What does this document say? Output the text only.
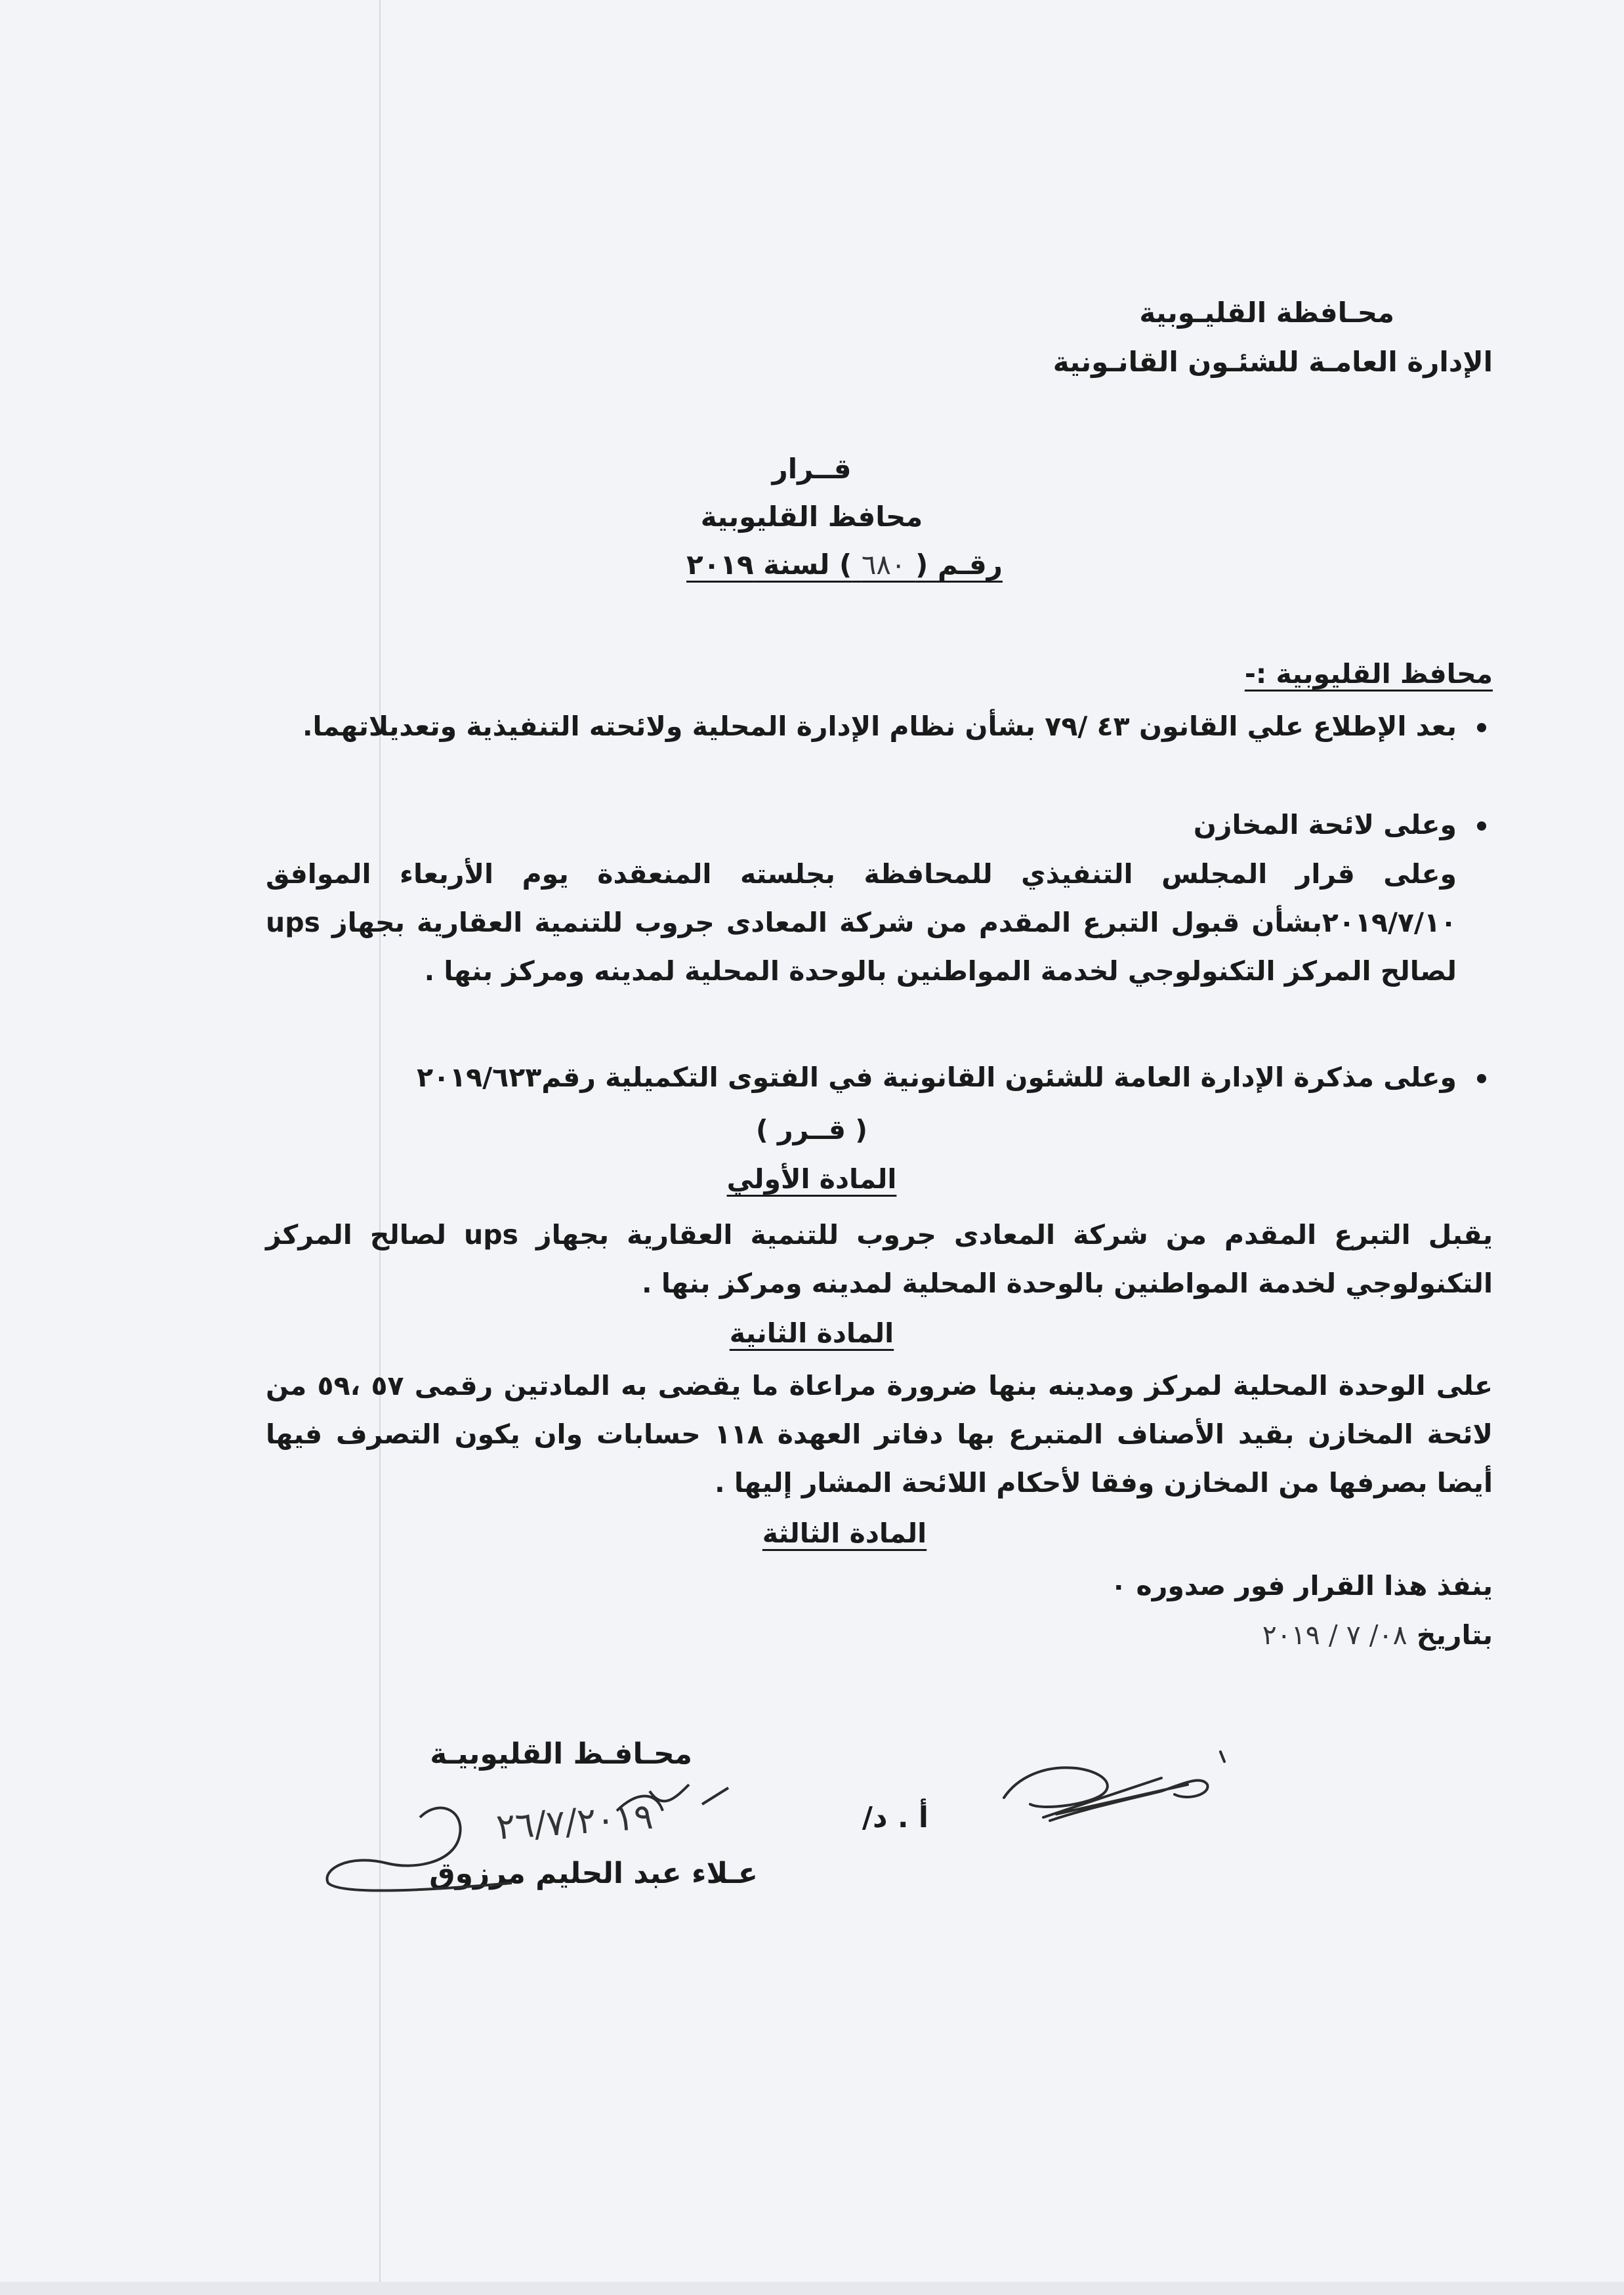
محـافظة القليـوبية
الإدارة العامـة للشئـون القانـونية
قــرار
محافظ القليوبية
رقـم ( ٦٨٠ ) لسنة ٢٠١٩
محافظ القليوبية :-
بعد الإطلاع علي القانون ٤٣ /٧٩ بشأن نظام الإدارة المحلية ولائحته التنفيذية وتعديلاتهما.
وعلى لائحة المخازن
وعلى قرار المجلس التنفيذي للمحافظة بجلسته المنعقدة يوم الأربعاء الموافق ٢٠١٩/٧/١٠بشأن قبول التبرع المقدم من شركة المعادى جروب للتنمية العقارية بجهاز ups لصالح المركز التكنولوجي لخدمة المواطنين بالوحدة المحلية لمدينه ومركز بنها .
وعلى مذكرة الإدارة العامة للشئون القانونية في الفتوى التكميلية رقم٢٠١٩/٦٢٣
( قــرر )
المادة الأولي
يقبل التبرع المقدم من شركة المعادى جروب للتنمية العقارية بجهاز ups لصالح المركز التكنولوجي لخدمة المواطنين بالوحدة المحلية لمدينه ومركز بنها .
المادة الثانية
على الوحدة المحلية لمركز ومدينه بنها ضرورة مراعاة ما يقضى به المادتين رقمى ٥٧ ،٥٩ من لائحة المخازن بقيد الأصناف المتبرع بها دفاتر العهدة ١١٨ حسابات وان يكون التصرف فيها أيضا بصرفها من المخازن وفقا لأحكام اللائحة المشار إليها .
المادة الثالثة
ينفذ هذا القرار فور صدوره ٠
بتاريخ ٠٨/ ٧ / ٢٠١٩
محـافـظ القليوبيـة
أ . د/
عـلاء عبد الحليم مرزوق
٢٦/٧/٢٠١٩
